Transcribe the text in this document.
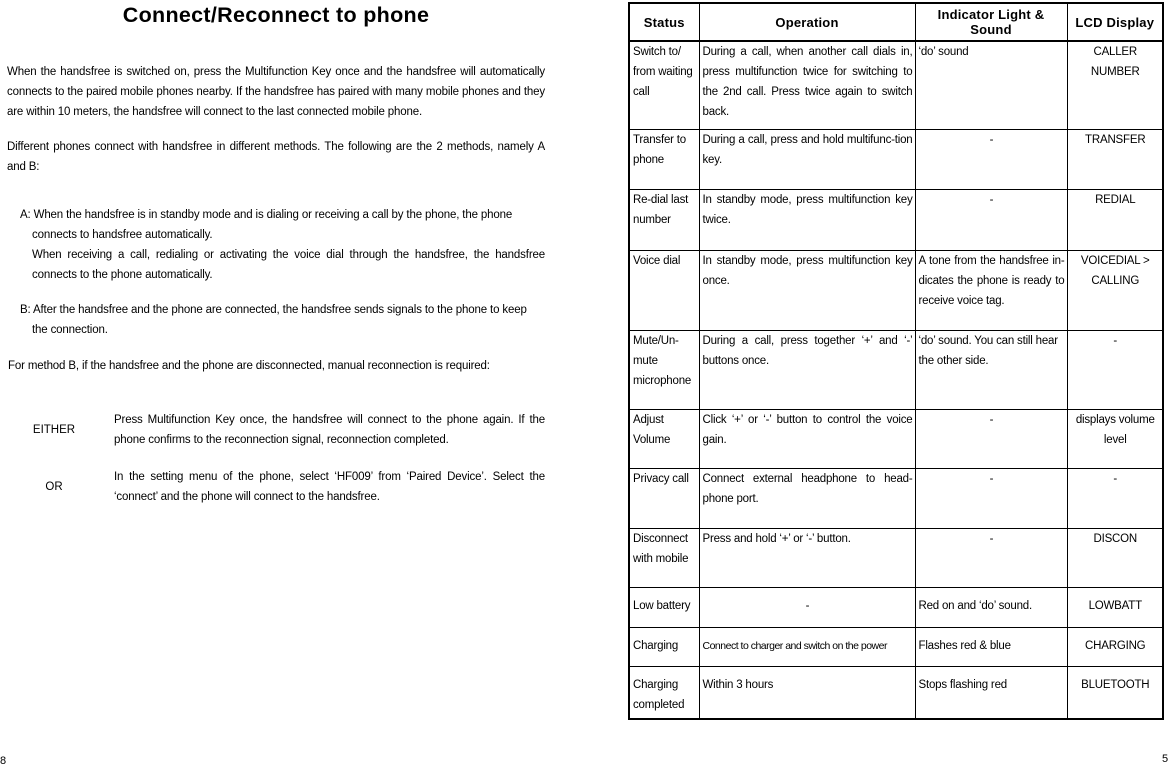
Connect/Reconnect to phone
When the handsfree is switched on, press the Multifunction Key once and the handsfree will automatically connects to the paired mobile phones nearby. If the handsfree has paired with many mobile phones and they are within 10 meters, the handsfree will connect to the last connected mobile phone.
Different phones connect with handsfree in different methods. The following are the 2 methods, namely A and B:
A: When the handsfree is in standby mode and is dialing or receiving a call by the phone, the phone
connects to handsfree automatically.
When receiving a call, redialing or activating the voice dial through the handsfree, the handsfree connects to the phone automatically.
B: After the handsfree and the phone are connected, the handsfree sends signals to the phone to keep
the connection.
For method B, if the handsfree and the phone are disconnected, manual reconnection is required:
EITHER
Press Multifunction Key once, the handsfree will connect to the phone again. If the phone confirms to the reconnection signal, reconnection completed.
OR
In the setting menu of the phone, select ‘HF009’ from ‘Paired Device’. Select the ‘connect’ and the phone will connect to the handsfree.
8
Status	Operation	Indicator Light & Sound	LCD Display
Switch to/ from waiting call	During a call, when another call dials in, press multifunction twice for switching to the 2nd call. Press twice again to switch back.	‘do’ sound	CALLER NUMBER
Transfer to phone	During a call, press and hold multifunc-tion key.	-	TRANSFER
Re-dial last number	In standby mode, press multifunction key twice.	-	REDIAL
Voice dial	In standby mode, press multifunction key once.	A tone from the handsfree in-dicates the phone is ready to receive voice tag.	VOICEDIAL > CALLING
Mute/Un-mute microphone	During a call, press together ‘+’ and ‘-’ buttons once.	‘do’ sound. You can still hear the other side.	-
Adjust Volume	Click ‘+’ or ‘-’ button to control the voice gain.	-	displays volume level
Privacy call	Connect external headphone to head-phone port.	-	-
Disconnect with mobile	Press and hold ‘+’ or ‘-’ button.	-	DISCON
Low battery	-	Red on and ‘do’ sound.	LOWBATT
Charging	Connect to charger and switch on the power	Flashes red & blue	CHARGING
Charging completed	Within 3 hours	Stops flashing red	BLUETOOTH
5
